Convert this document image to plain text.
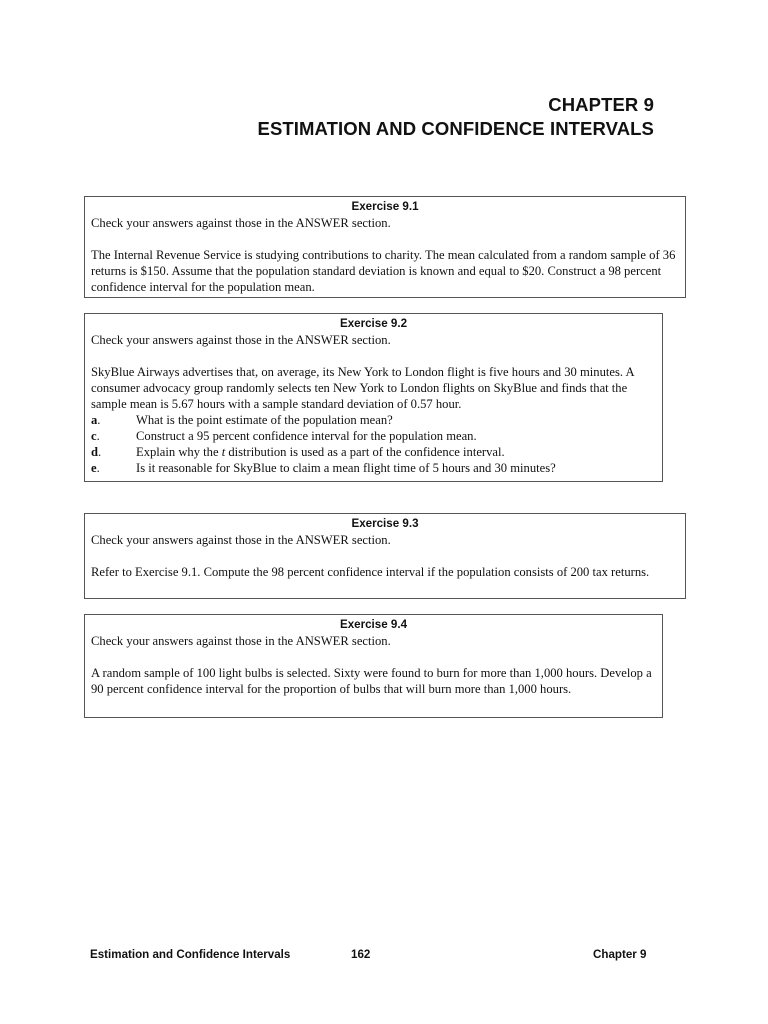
CHAPTER 9
ESTIMATION AND CONFIDENCE INTERVALS
Exercise 9.1

Check your answers against those in the ANSWER section.

The Internal Revenue Service is studying contributions to charity. The mean calculated from a random sample of 36 returns is $150. Assume that the population standard deviation is known and equal to $20. Construct a 98 percent confidence interval for the population mean.

Exercise 9.2

Check your answers against those in the ANSWER section.

SkyBlue Airways advertises that, on average, its New York to London flight is five hours and 30 minutes. A consumer advocacy group randomly selects ten New York to London flights on SkyBlue and finds that the sample mean is 5.67 hours with a sample standard deviation of 0.57 hour.

a.	What is the point estimate of the population mean?
c.	Construct a 95 percent confidence interval for the population mean.
d.	Explain why the t distribution is used as a part of the confidence interval.
e.	Is it reasonable for SkyBlue to claim a mean flight time of 5 hours and 30 minutes?
Exercise 9.3

Check your answers against those in the ANSWER section.

Refer to Exercise 9.1. Compute the 98 percent confidence interval if the population consists of 200 tax returns.

Exercise 9.4

Check your answers against those in the ANSWER section.

A random sample of 100 light bulbs is selected. Sixty were found to burn for more than 1,000 hours. Develop a 90 percent confidence interval for the proportion of bulbs that will burn more than 1,000 hours.

Estimation and Confidence Intervals	162	Chapter 9
